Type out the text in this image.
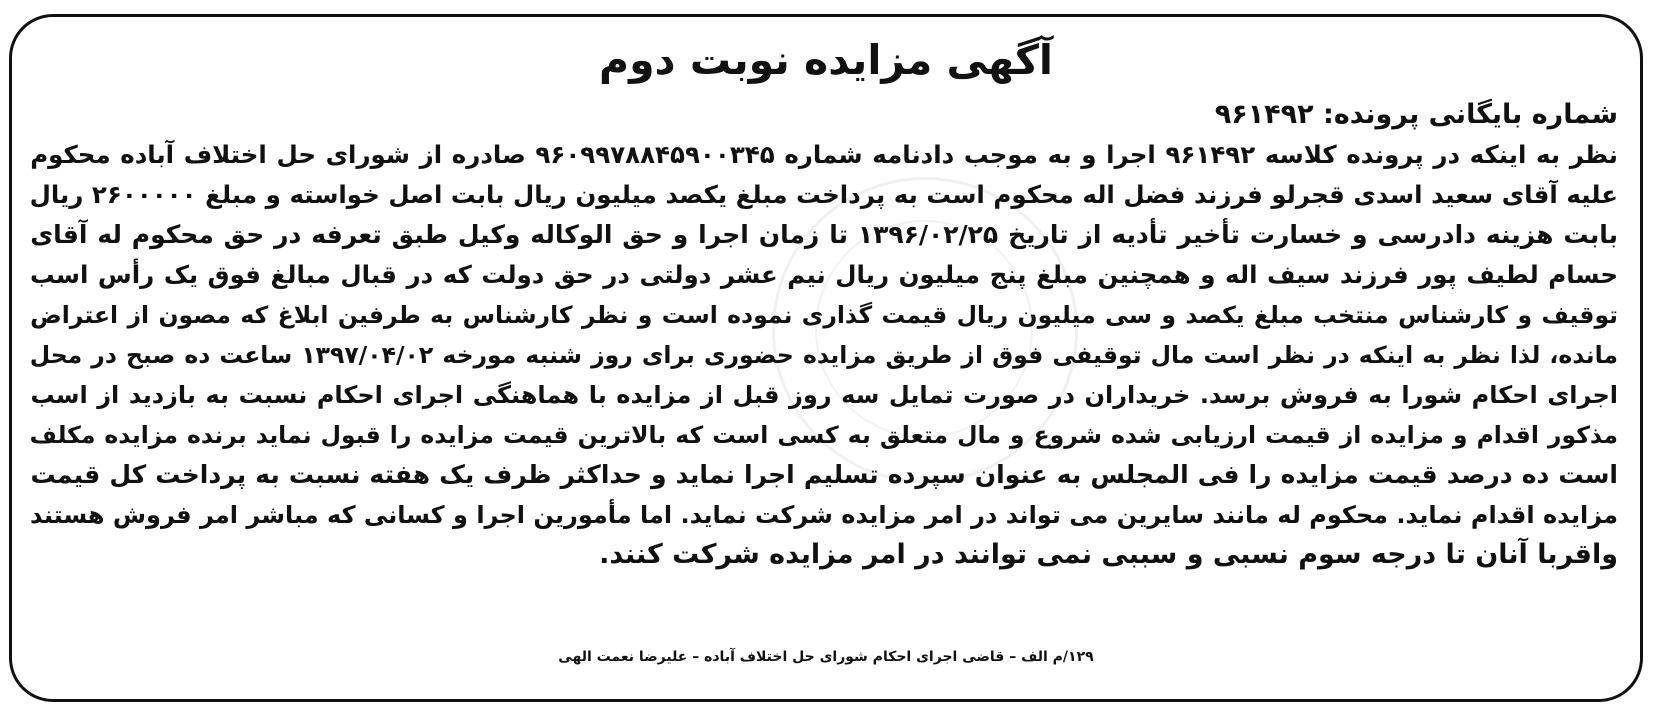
آگهی مزایده نوبت دوم
شماره بایگانی پرونده: ۹۶۱۴۹۲
نظر به اینکه در پرونده کلاسه ۹۶۱۴۹۲ اجرا و به موجب دادنامه شماره ۹۶۰۹۹۷۸۸۴۵۹۰۰۳۴۵ صادره از شورای حل اختلاف آباده محکوم
علیه آقای سعید اسدی قجرلو فرزند فضل اله محکوم است به پرداخت مبلغ یکصد میلیون ریال بابت اصل خواسته و مبلغ ۲۶۰۰۰۰۰ ریال
بابت هزینه دادرسی و خسارت تأخیر تأدیه از تاریخ ۱۳۹۶/۰۲/۲۵ تا زمان اجرا و حق الوکاله وکیل طبق تعرفه در حق محکوم له آقای
حسام لطیف پور فرزند سیف اله و همچنین مبلغ پنج میلیون ریال نیم عشر دولتی در حق دولت که در قبال مبالغ فوق یک رأس اسب
توقیف و کارشناس منتخب مبلغ یکصد و سی میلیون ریال قیمت گذاری نموده است و نظر کارشناس به طرفین ابلاغ که مصون از اعتراض
مانده، لذا نظر به اینکه در نظر است مال توقیفی فوق از طریق مزایده حضوری برای روز شنبه مورخه ۱۳۹۷/۰۴/۰۲ ساعت ده صبح در محل
اجرای احکام شورا به فروش برسد. خریداران در صورت تمایل سه روز قبل از مزایده با هماهنگی اجرای احکام نسبت به بازدید از اسب
مذکور اقدام و مزایده از قیمت ارزیابی شده شروع و مال متعلق به کسی است که بالاترین قیمت مزایده را قبول نماید برنده مزایده مکلف
است ده درصد قیمت مزایده را فی المجلس به عنوان سپرده تسلیم اجرا نماید و حداکثر ظرف یک هفته نسبت به پرداخت کل قیمت
مزایده اقدام نماید. محکوم له مانند سایرین می تواند در امر مزایده شرکت نماید. اما مأمورین اجرا و کسانی که مباشر امر فروش هستند
واقربا آنان تا درجه سوم نسبی و سببی نمی توانند در امر مزایده شرکت کنند.
۱۲۹/م الف – قاضی اجرای احکام شورای حل اختلاف آباده – علیرضا نعمت الهی
